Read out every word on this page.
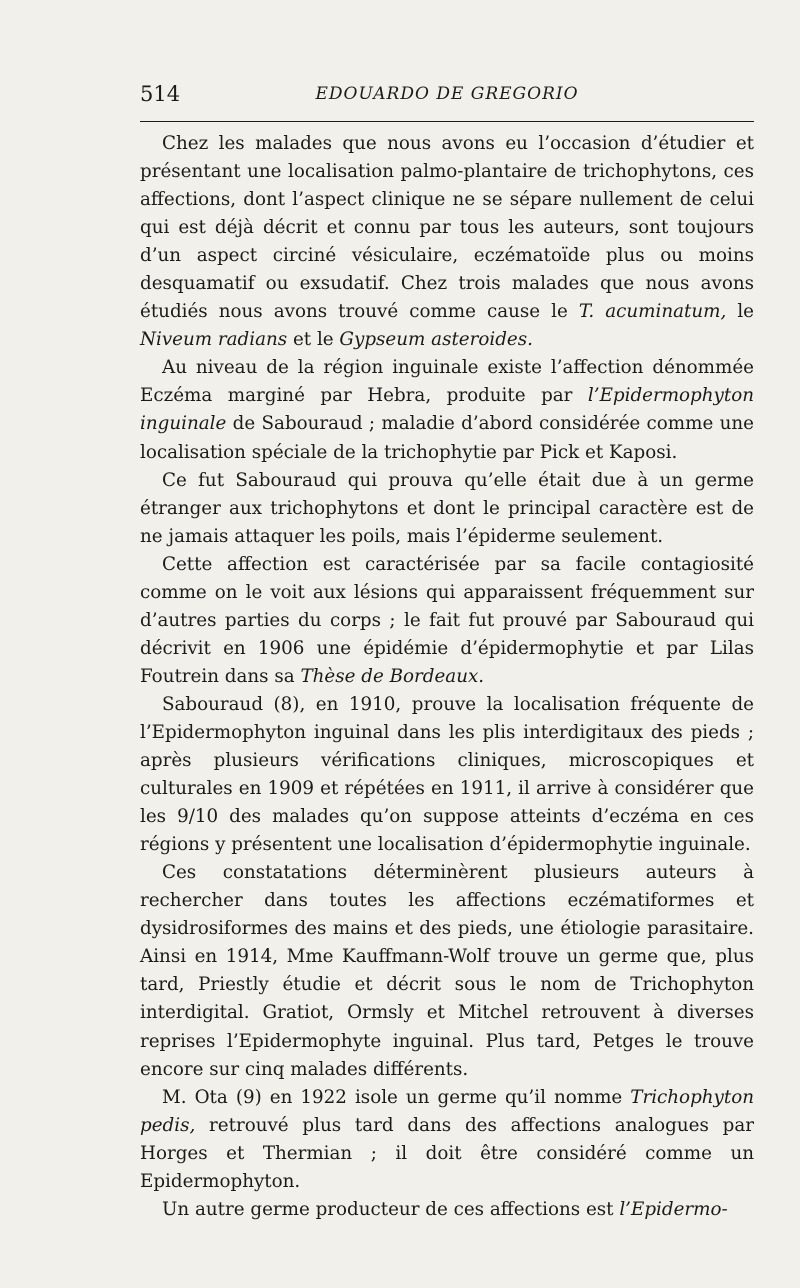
514	EDOUARDO DE GREGORIO

Chez les malades que nous avons eu l’occasion d’étudier et présentant une localisation palmo-plantaire de trichophytons, ces affections, dont l’aspect clinique ne se sépare nullement de celui qui est déjà décrit et connu par tous les auteurs, sont toujours d’un aspect circiné vésiculaire, eczématoïde plus ou moins desquamatif ou exsudatif. Chez trois malades que nous avons étudiés nous avons trouvé comme cause le T. acuminatum, le Niveum radians et le Gypseum asteroides.

Au niveau de la région inguinale existe l’affection dénommée Eczéma marginé par Hebra, produite par l’Epidermophyton inguinale de Sabouraud ; maladie d’abord considérée comme une localisation spéciale de la trichophytie par Pick et Kaposi.

Ce fut Sabouraud qui prouva qu’elle était due à un germe étranger aux trichophytons et dont le principal caractère est de ne jamais attaquer les poils, mais l’épiderme seulement.

Cette affection est caractérisée par sa facile contagiosité comme on le voit aux lésions qui apparaissent fréquemment sur d’autres parties du corps ; le fait fut prouvé par Sabouraud qui décrivit en 1906 une épidémie d’épidermophytie et par Lilas Foutrein dans sa Thèse de Bordeaux.

Sabouraud (8), en 1910, prouve la localisation fréquente de l’Epidermophyton inguinal dans les plis interdigitaux des pieds ; après plusieurs vérifications cliniques, microscopiques et culturales en 1909 et répétées en 1911, il arrive à considérer que les 9/10 des malades qu’on suppose atteints d’eczéma en ces régions y présentent une localisation d’épidermophytie inguinale.

Ces constatations déterminèrent plusieurs auteurs à rechercher dans toutes les affections eczématiformes et dysidrosiformes des mains et des pieds, une étiologie parasitaire. Ainsi en 1914, Mme Kauffmann-Wolf trouve un germe que, plus tard, Priestly étudie et décrit sous le nom de Trichophyton interdigital. Gratiot, Ormsly et Mitchel retrouvent à diverses reprises l’Epidermophyte inguinal. Plus tard, Petges le trouve encore sur cinq malades différents.

M. Ota (9) en 1922 isole un germe qu’il nomme Trichophyton pedis, retrouvé plus tard dans des affections analogues par Horges et Thermian ; il doit être considéré comme un Epidermophyton.

Un autre germe producteur de ces affections est l’Epidermo-
